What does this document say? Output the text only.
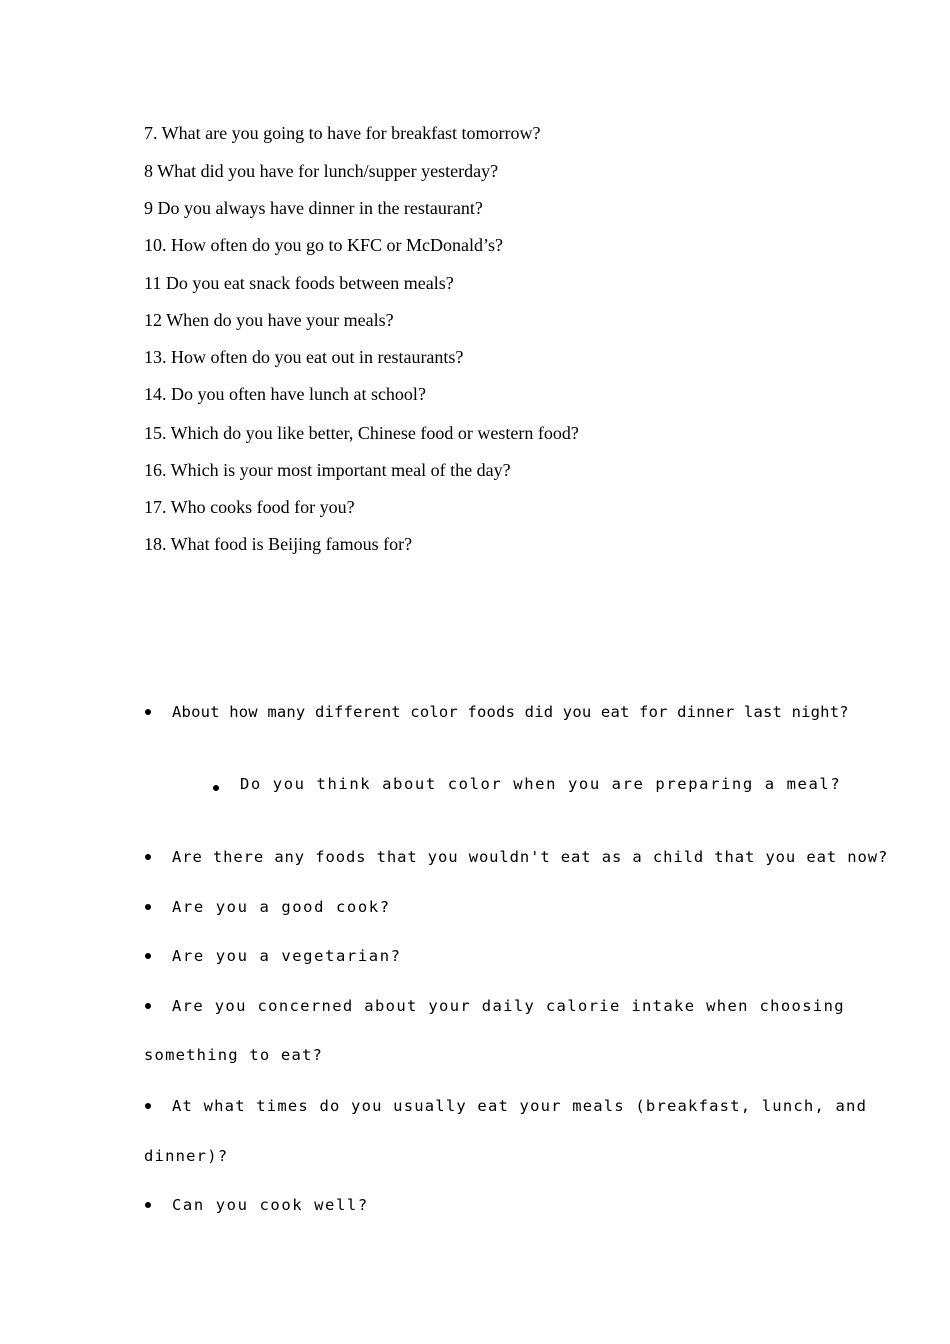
7. What are you going to have for breakfast tomorrow?
8 What did you have for lunch/supper yesterday?
9 Do you always have dinner in the restaurant?
10. How often do you go to KFC or McDonald’s?
11 Do you eat snack foods between meals?
12 When do you have your meals?
13. How often do you eat out in restaurants?
14. Do you often have lunch at school?
15. Which do you like better, Chinese food or western food?
16. Which is your most important meal of the day?
17. Who cooks food for you?
18. What food is Beijing famous for?
About how many different color foods did you eat for dinner last night?
Do you think about color when you are preparing a meal?
Are there any foods that you wouldn't eat as a child that you eat now?
Are you a good cook?
Are you a vegetarian?
Are you concerned about your daily calorie intake when choosing
something to eat?
At what times do you usually eat your meals (breakfast, lunch, and
dinner)?
Can you cook well?
